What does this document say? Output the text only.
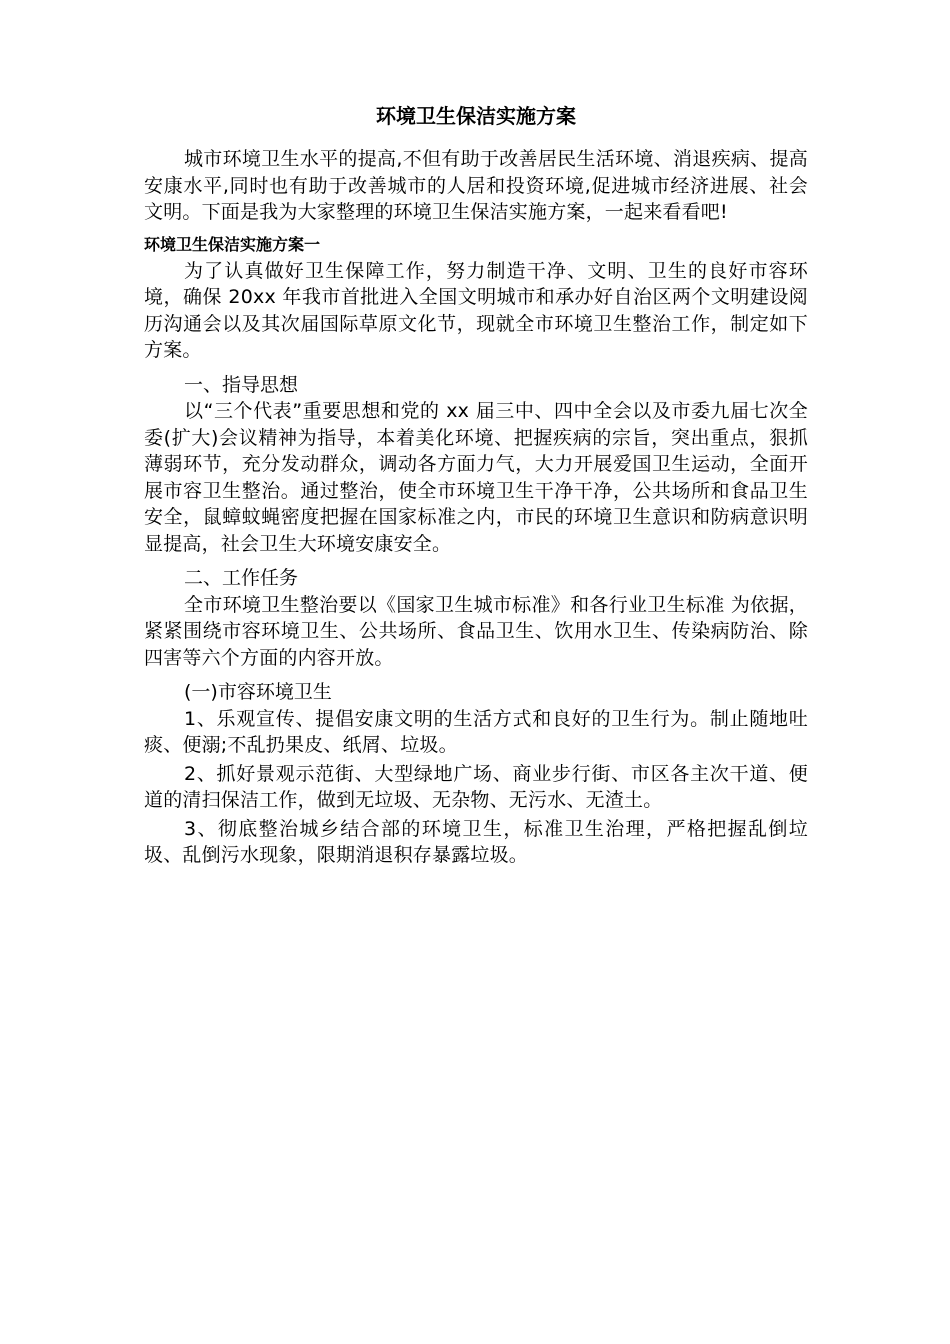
环境卫生保洁实施方案

城市环境卫生水平的提高,不但有助于改善居民生活环境、消退疾病、提高安康水平,同时也有助于改善城市的人居和投资环境,促进城市经济进展、社会文明。下面是我为大家整理的环境卫生保洁实施方案，一起来看看吧!

环境卫生保洁实施方案一

为了认真做好卫生保障工作，努力制造干净、文明、卫生的良好市容环境，确保 20xx 年我市首批进入全国文明城市和承办好自治区两个文明建设阅历沟通会以及其次届国际草原文化节，现就全市环境卫生整治工作，制定如下方案。

一、指导思想

以“三个代表”重要思想和党的 xx 届三中、四中全会以及市委九届七次全委(扩大)会议精神为指导，本着美化环境、把握疾病的宗旨，突出重点，狠抓薄弱环节，充分发动群众，调动各方面力气，大力开展爱国卫生运动，全面开展市容卫生整治。通过整治，使全市环境卫生干净干净，公共场所和食品卫生安全，鼠蟑蚊蝇密度把握在国家标准之内，市民的环境卫生意识和防病意识明显提高，社会卫生大环境安康安全。

二、工作任务

全市环境卫生整治要以《国家卫生城市标准》和各行业卫生标准 为依据，紧紧围绕市容环境卫生、公共场所、食品卫生、饮用水卫生、传染病防治、除四害等六个方面的内容开放。

(一)市容环境卫生

1、乐观宣传、提倡安康文明的生活方式和良好的卫生行为。制止随地吐痰、便溺;不乱扔果皮、纸屑、垃圾。

2、抓好景观示范街、大型绿地广场、商业步行街、市区各主次干道、便道的清扫保洁工作，做到无垃圾、无杂物、无污水、无渣土。

3、彻底整治城乡结合部的环境卫生，标准卫生治理，严格把握乱倒垃圾、乱倒污水现象，限期消退积存暴露垃圾。
